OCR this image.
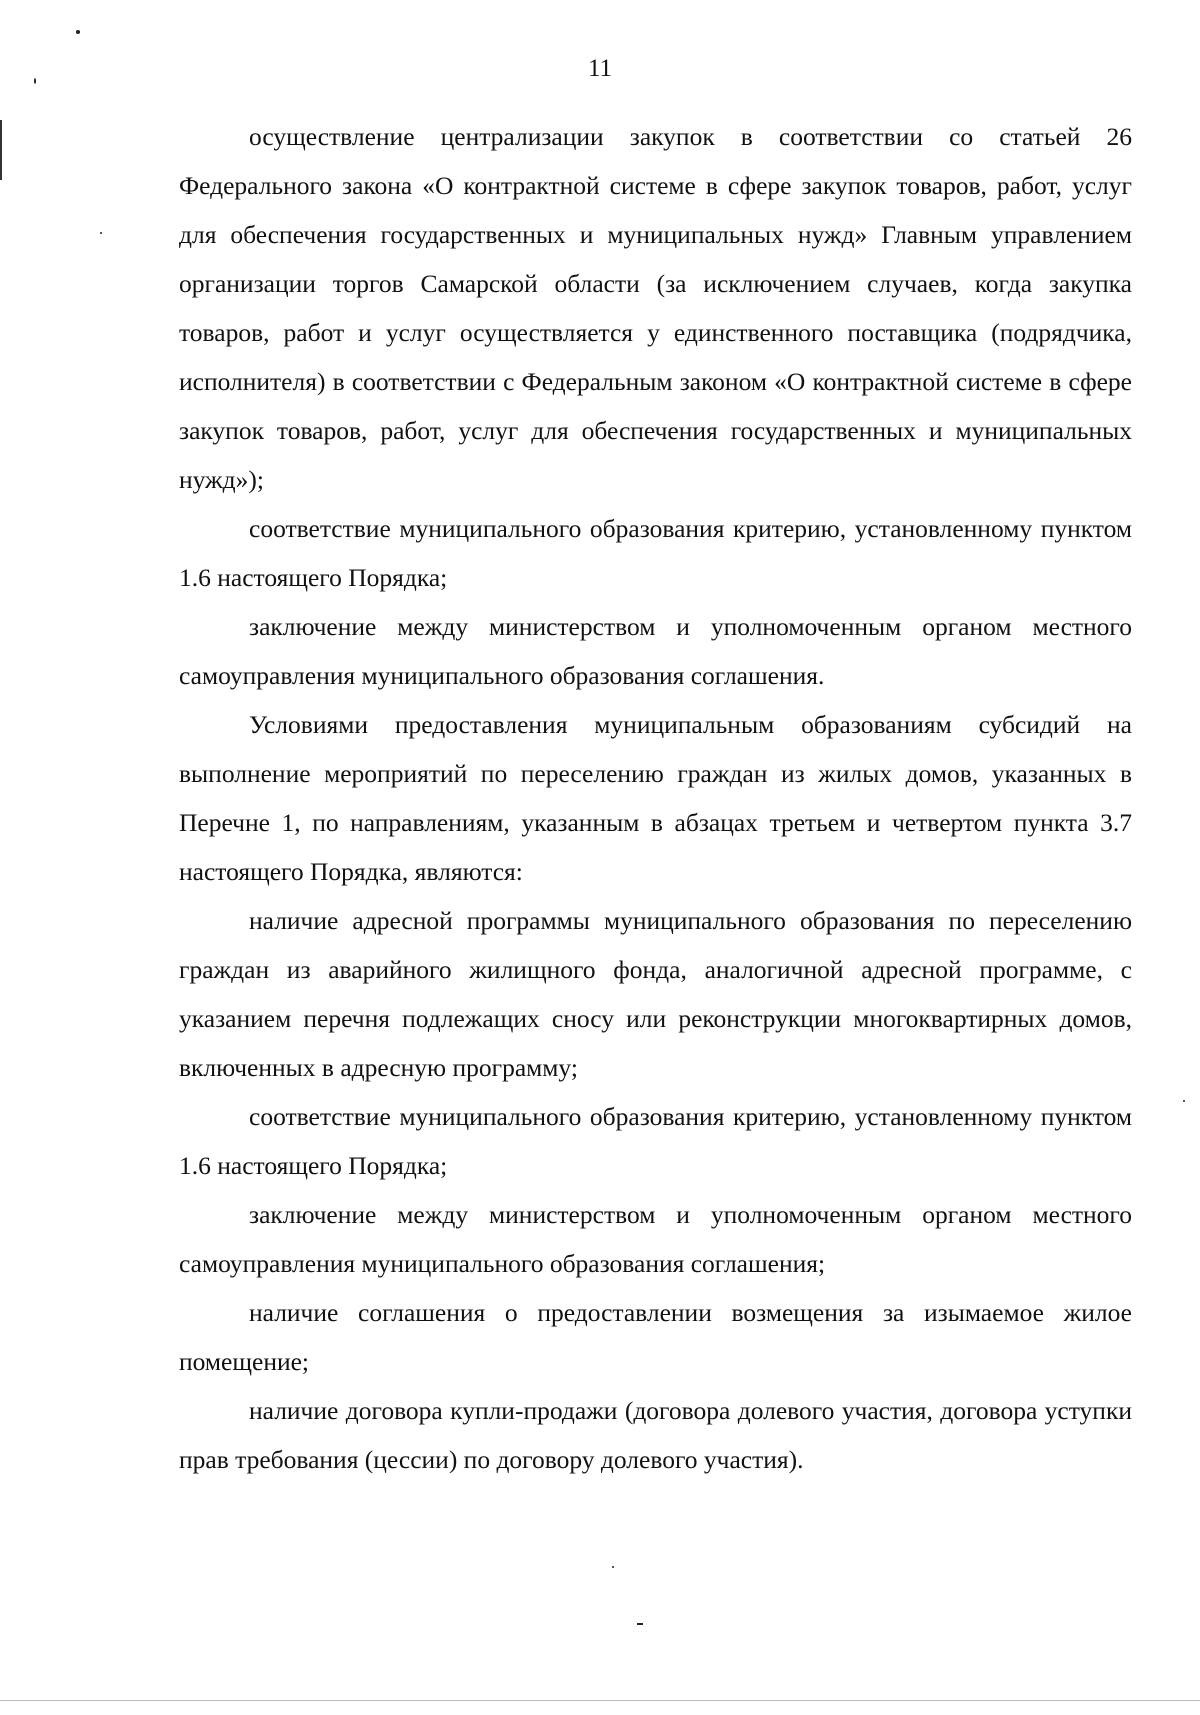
11

осуществление централизации закупок в соответствии со статьей 26 Федерального закона «О контрактной системе в сфере закупок товаров, работ, услуг для обеспечения государственных и муниципальных нужд» Главным управлением организации торгов Самарской области (за исключением случаев, когда закупка товаров, работ и услуг осуществляется у единственного поставщика (подрядчика, исполнителя) в соответствии с Федеральным законом «О контрактной системе в сфере закупок товаров, работ, услуг для обеспечения государственных и муниципальных нужд»);

соответствие муниципального образования критерию, установленному пунктом 1.6 настоящего Порядка;

заключение между министерством и уполномоченным органом местного самоуправления муниципального образования соглашения.

Условиями предоставления муниципальным образованиям субсидий на выполнение мероприятий по переселению граждан из жилых домов, указанных в Перечне 1, по направлениям, указанным в абзацах третьем и четвертом пункта 3.7 настоящего Порядка, являются:

наличие адресной программы муниципального образования по переселению граждан из аварийного жилищного фонда, аналогичной адресной программе, с указанием перечня подлежащих сносу или реконструкции многоквартирных домов, включенных в адресную программу;

соответствие муниципального образования критерию, установленному пунктом 1.6 настоящего Порядка;

заключение между министерством и уполномоченным органом местного самоуправления муниципального образования соглашения;

наличие соглашения о предоставлении возмещения за изымаемое жилое помещение;

наличие договора купли-продажи (договора долевого участия, договора уступки прав требования (цессии) по договору долевого участия).
